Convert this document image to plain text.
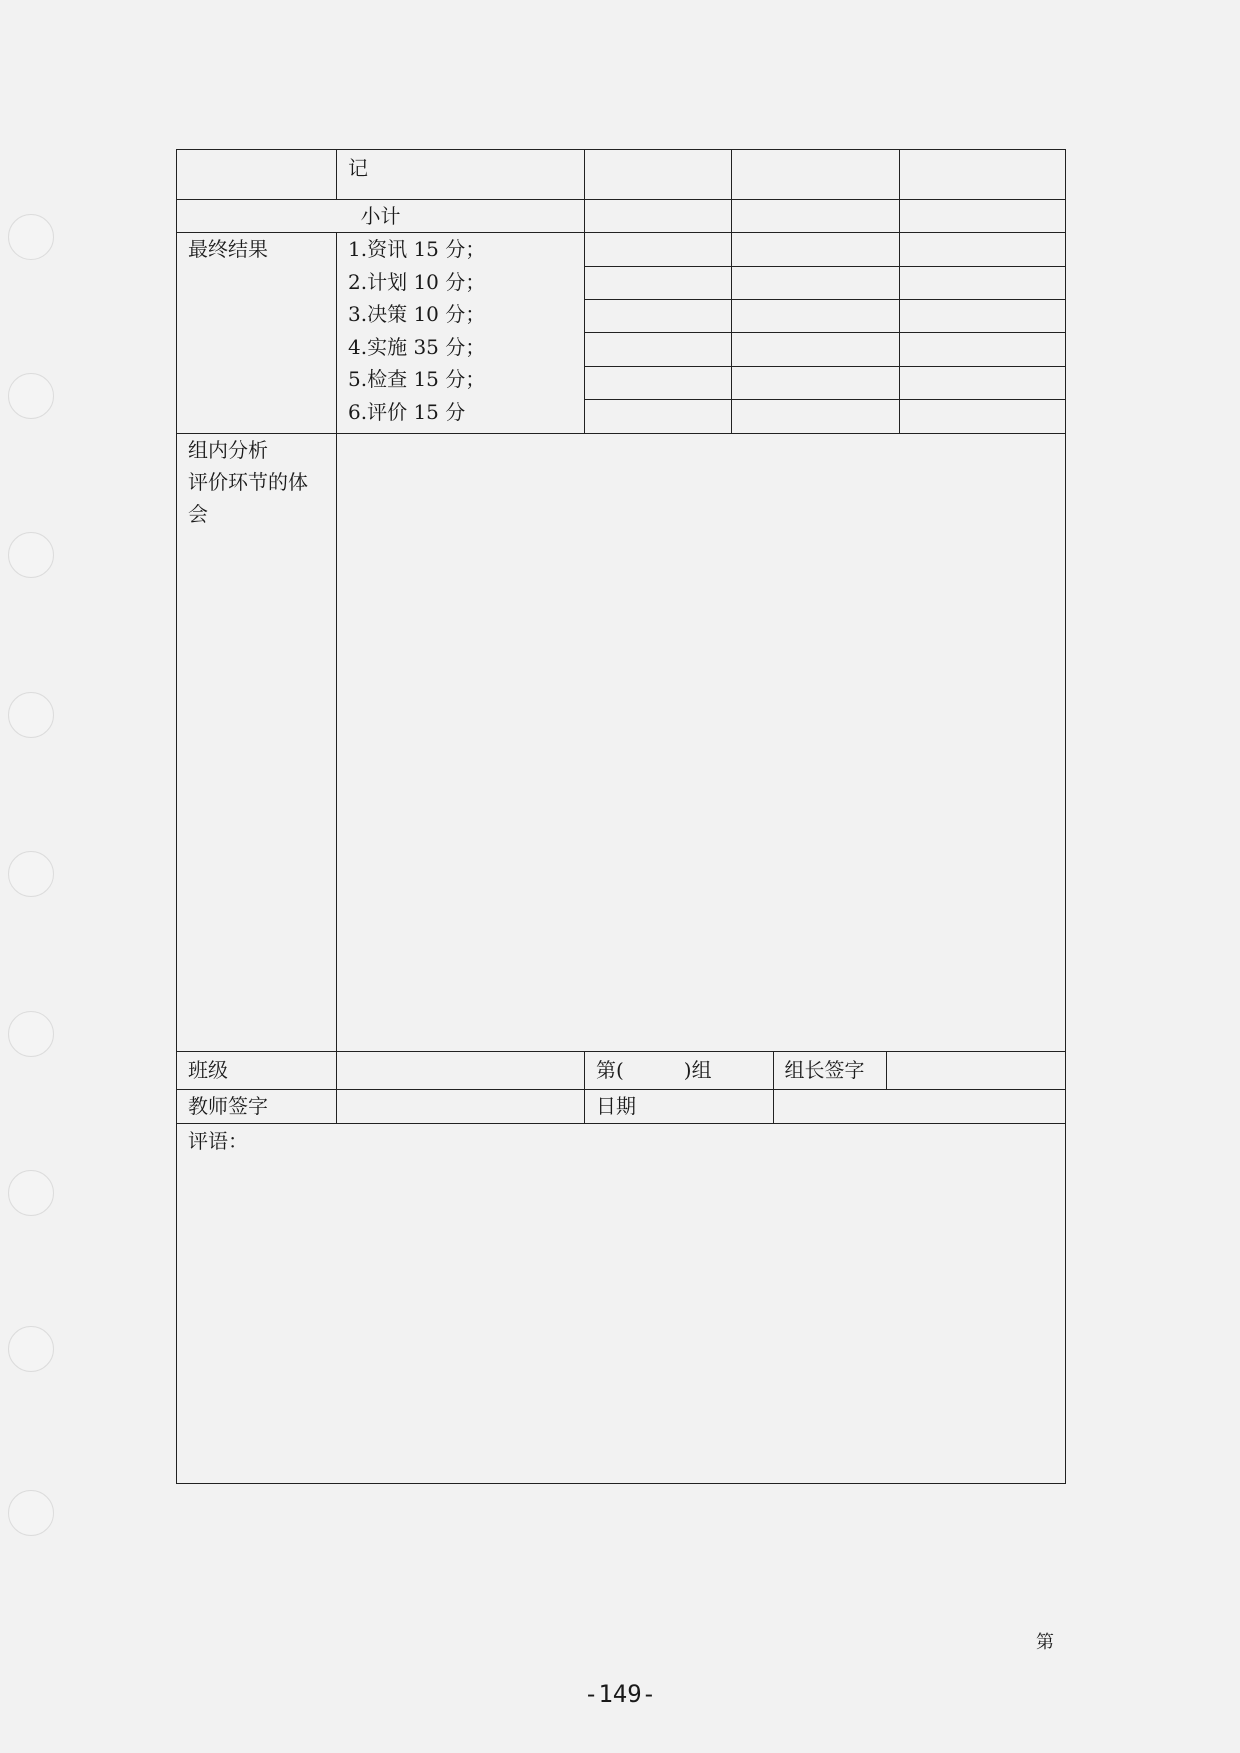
	记			
小计			
最终结果	1.资讯 15 分；
2.计划 10 分；
3.决策 10 分；
4.实施 35 分；
5.检查 15 分；
6.评价 15 分

组内分析
评价环节的体
会

班级			第(　　　)组	组长签字	

教师签字			日期	

评语：
第
-149-
